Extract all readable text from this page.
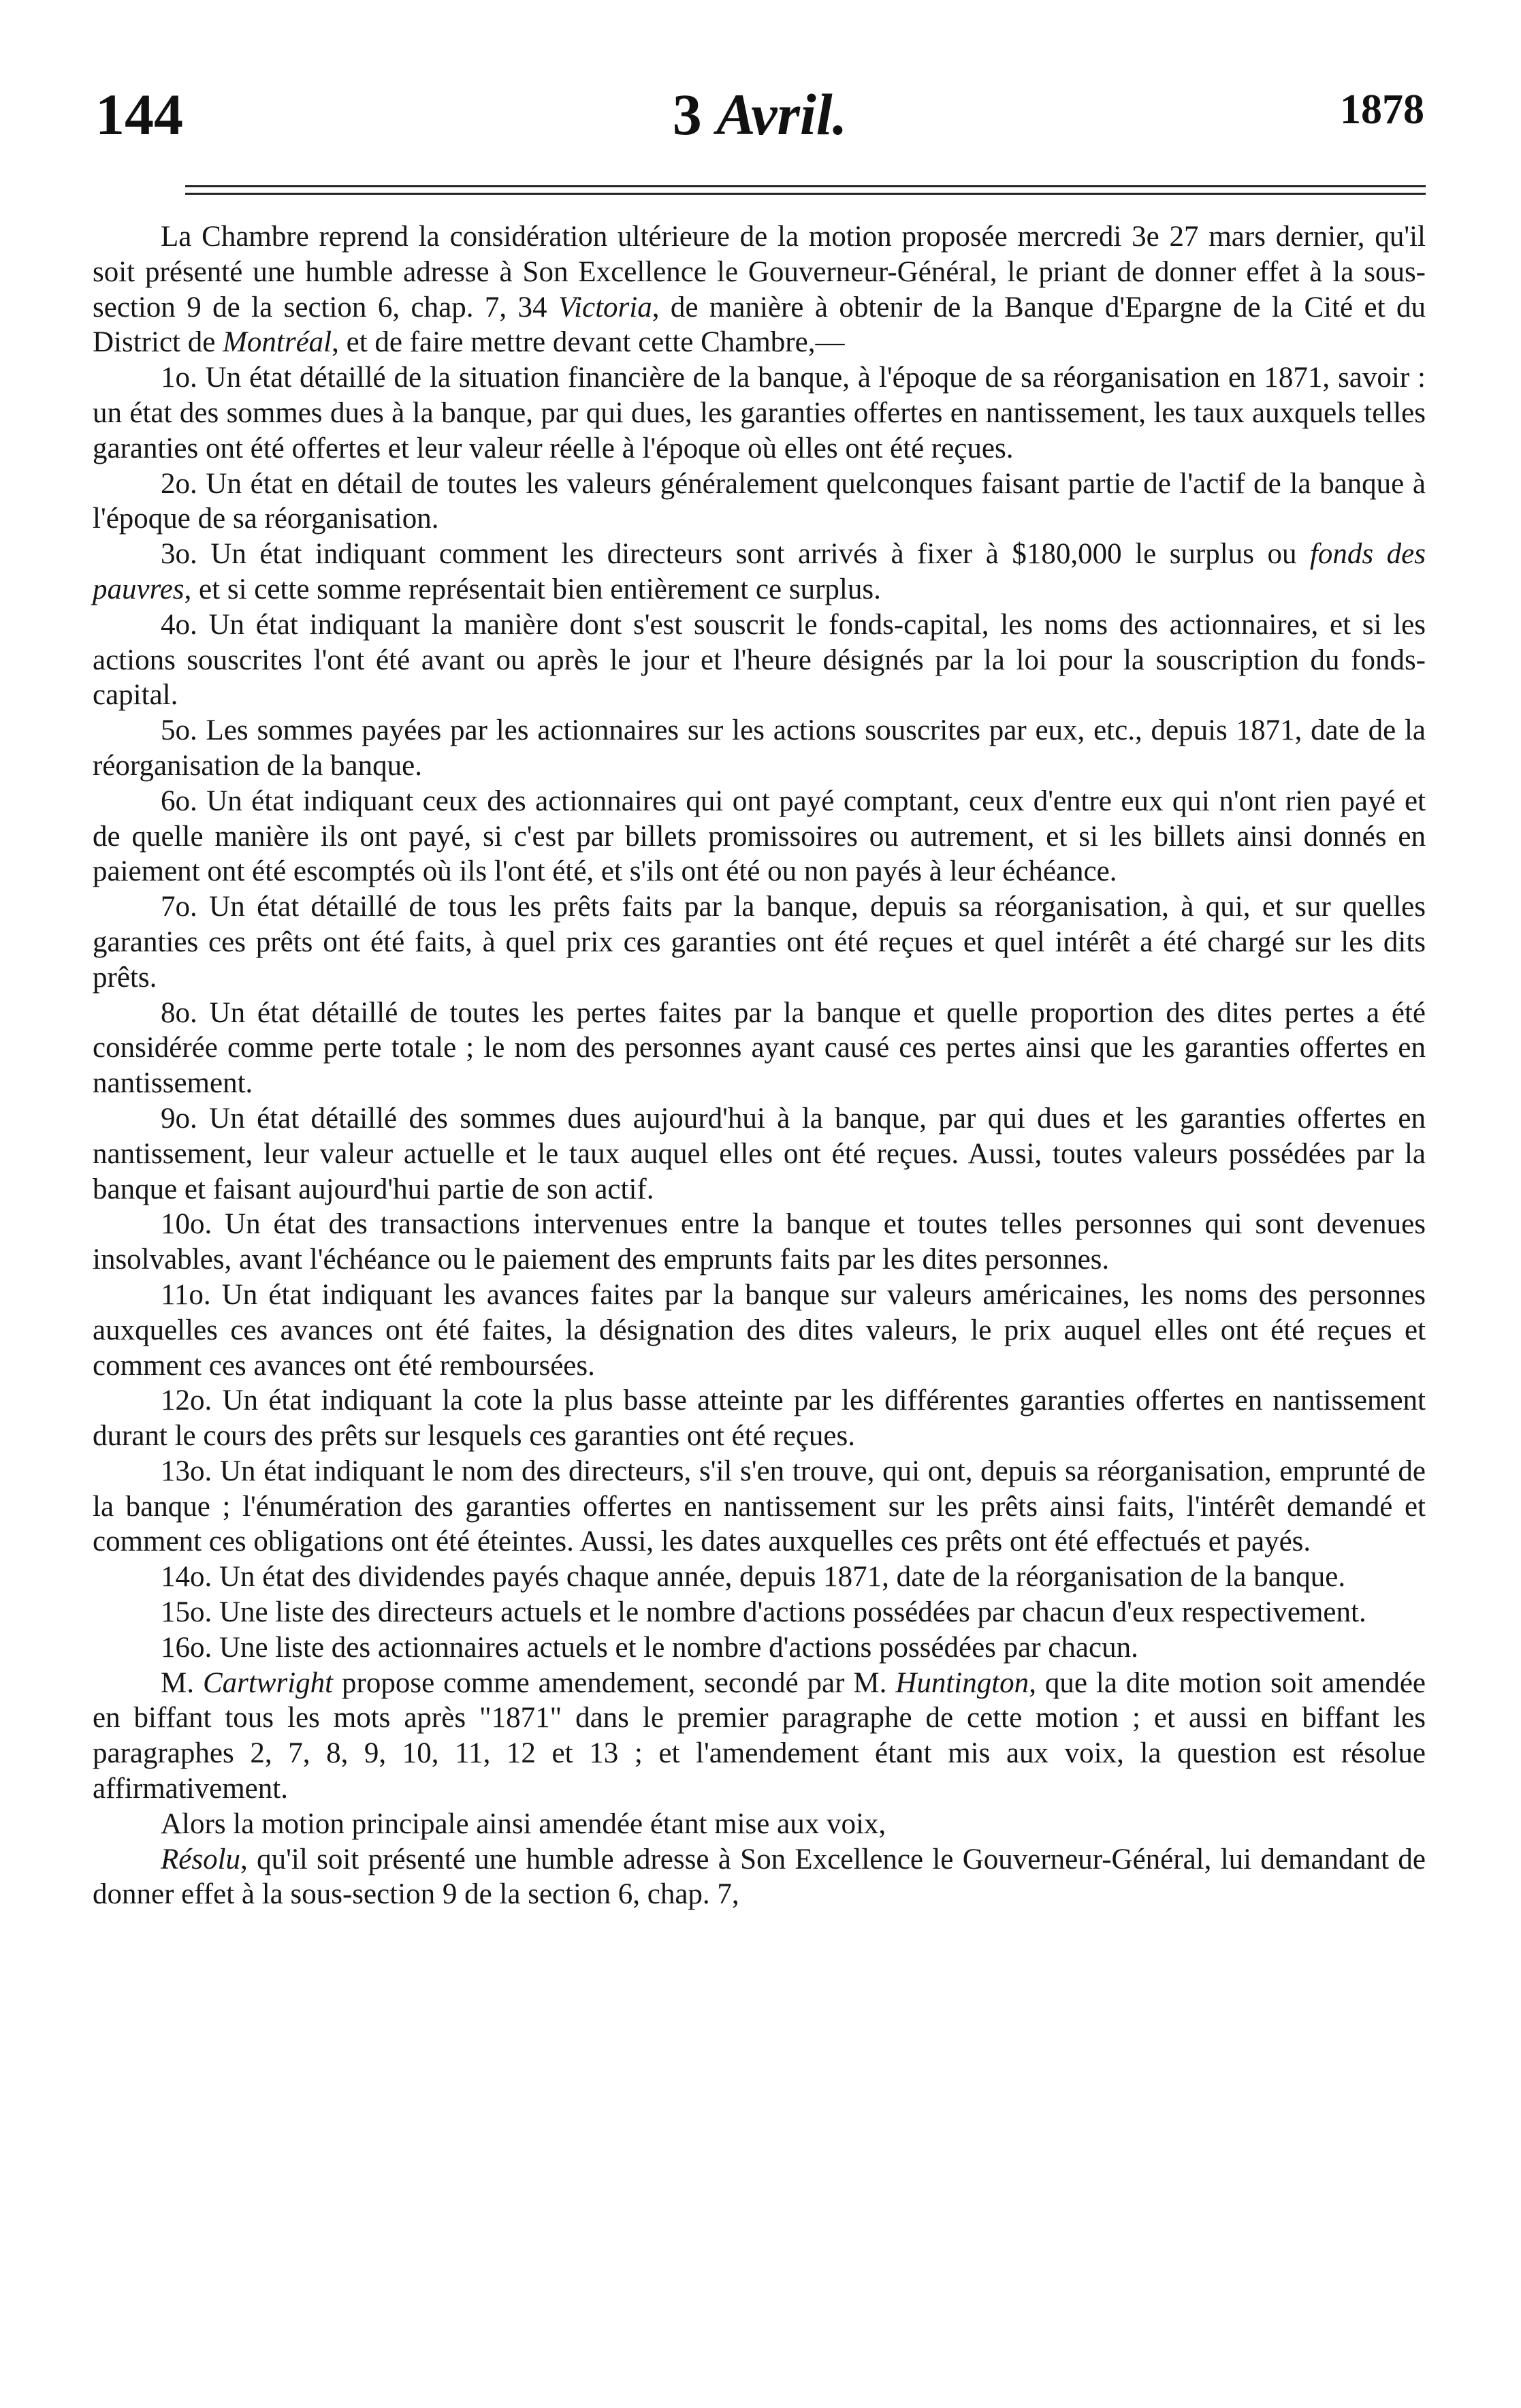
144	3 Avril.	1878

La Chambre reprend la considération ultérieure de la motion proposée mercredi 3e 27 mars dernier, qu'il soit présenté une humble adresse à Son Excellence le Gouverneur-Général, le priant de donner effet à la sous-section 9 de la section 6, chap. 7, 34 Victoria, de manière à obtenir de la Banque d'Epargne de la Cité et du District de Montréal, et de faire mettre devant cette Chambre,—

1o. Un état détaillé de la situation financière de la banque, à l'époque de sa réorganisation en 1871, savoir : un état des sommes dues à la banque, par qui dues, les garanties offertes en nantissement, les taux auxquels telles garanties ont été offertes et leur valeur réelle à l'époque où elles ont été reçues.

2o. Un état en détail de toutes les valeurs généralement quelconques faisant partie de l'actif de la banque à l'époque de sa réorganisation.

3o. Un état indiquant comment les directeurs sont arrivés à fixer à $180,000 le surplus ou fonds des pauvres, et si cette somme représentait bien entièrement ce surplus.

4o. Un état indiquant la manière dont s'est souscrit le fonds-capital, les noms des actionnaires, et si les actions souscrites l'ont été avant ou après le jour et l'heure désignés par la loi pour la souscription du fonds-capital.

5o. Les sommes payées par les actionnaires sur les actions souscrites par eux, etc., depuis 1871, date de la réorganisation de la banque.

6o. Un état indiquant ceux des actionnaires qui ont payé comptant, ceux d'entre eux qui n'ont rien payé et de quelle manière ils ont payé, si c'est par billets promissoires ou autrement, et si les billets ainsi donnés en paiement ont été escomptés où ils l'ont été, et s'ils ont été ou non payés à leur échéance.

7o. Un état détaillé de tous les prêts faits par la banque, depuis sa réorganisation, à qui, et sur quelles garanties ces prêts ont été faits, à quel prix ces garanties ont été reçues et quel intérêt a été chargé sur les dits prêts.

8o. Un état détaillé de toutes les pertes faites par la banque et quelle proportion des dites pertes a été considérée comme perte totale ; le nom des personnes ayant causé ces pertes ainsi que les garanties offertes en nantissement.

9o. Un état détaillé des sommes dues aujourd'hui à la banque, par qui dues et les garanties offertes en nantissement, leur valeur actuelle et le taux auquel elles ont été reçues. Aussi, toutes valeurs possédées par la banque et faisant aujourd'hui partie de son actif.

10o. Un état des transactions intervenues entre la banque et toutes telles personnes qui sont devenues insolvables, avant l'échéance ou le paiement des emprunts faits par les dites personnes.

11o. Un état indiquant les avances faites par la banque sur valeurs américaines, les noms des personnes auxquelles ces avances ont été faites, la désignation des dites valeurs, le prix auquel elles ont été reçues et comment ces avances ont été remboursées.

12o. Un état indiquant la cote la plus basse atteinte par les différentes garanties offertes en nantissement durant le cours des prêts sur lesquels ces garanties ont été reçues.

13o. Un état indiquant le nom des directeurs, s'il s'en trouve, qui ont, depuis sa réorganisation, emprunté de la banque ; l'énumération des garanties offertes en nantissement sur les prêts ainsi faits, l'intérêt demandé et comment ces obligations ont été éteintes. Aussi, les dates auxquelles ces prêts ont été effectués et payés.

14o. Un état des dividendes payés chaque année, depuis 1871, date de la réorganisation de la banque.

15o. Une liste des directeurs actuels et le nombre d'actions possédées par chacun d'eux respectivement.

16o. Une liste des actionnaires actuels et le nombre d'actions possédées par chacun.

M. Cartwright propose comme amendement, secondé par M. Huntington, que la dite motion soit amendée en biffant tous les mots après "1871" dans le premier paragraphe de cette motion ; et aussi en biffant les paragraphes 2, 7, 8, 9, 10, 11, 12 et 13 ; et l'amendement étant mis aux voix, la question est résolue affirmativement.

Alors la motion principale ainsi amendée étant mise aux voix,

Résolu, qu'il soit présenté une humble adresse à Son Excellence le Gouverneur-Général, lui demandant de donner effet à la sous-section 9 de la section 6, chap. 7,
